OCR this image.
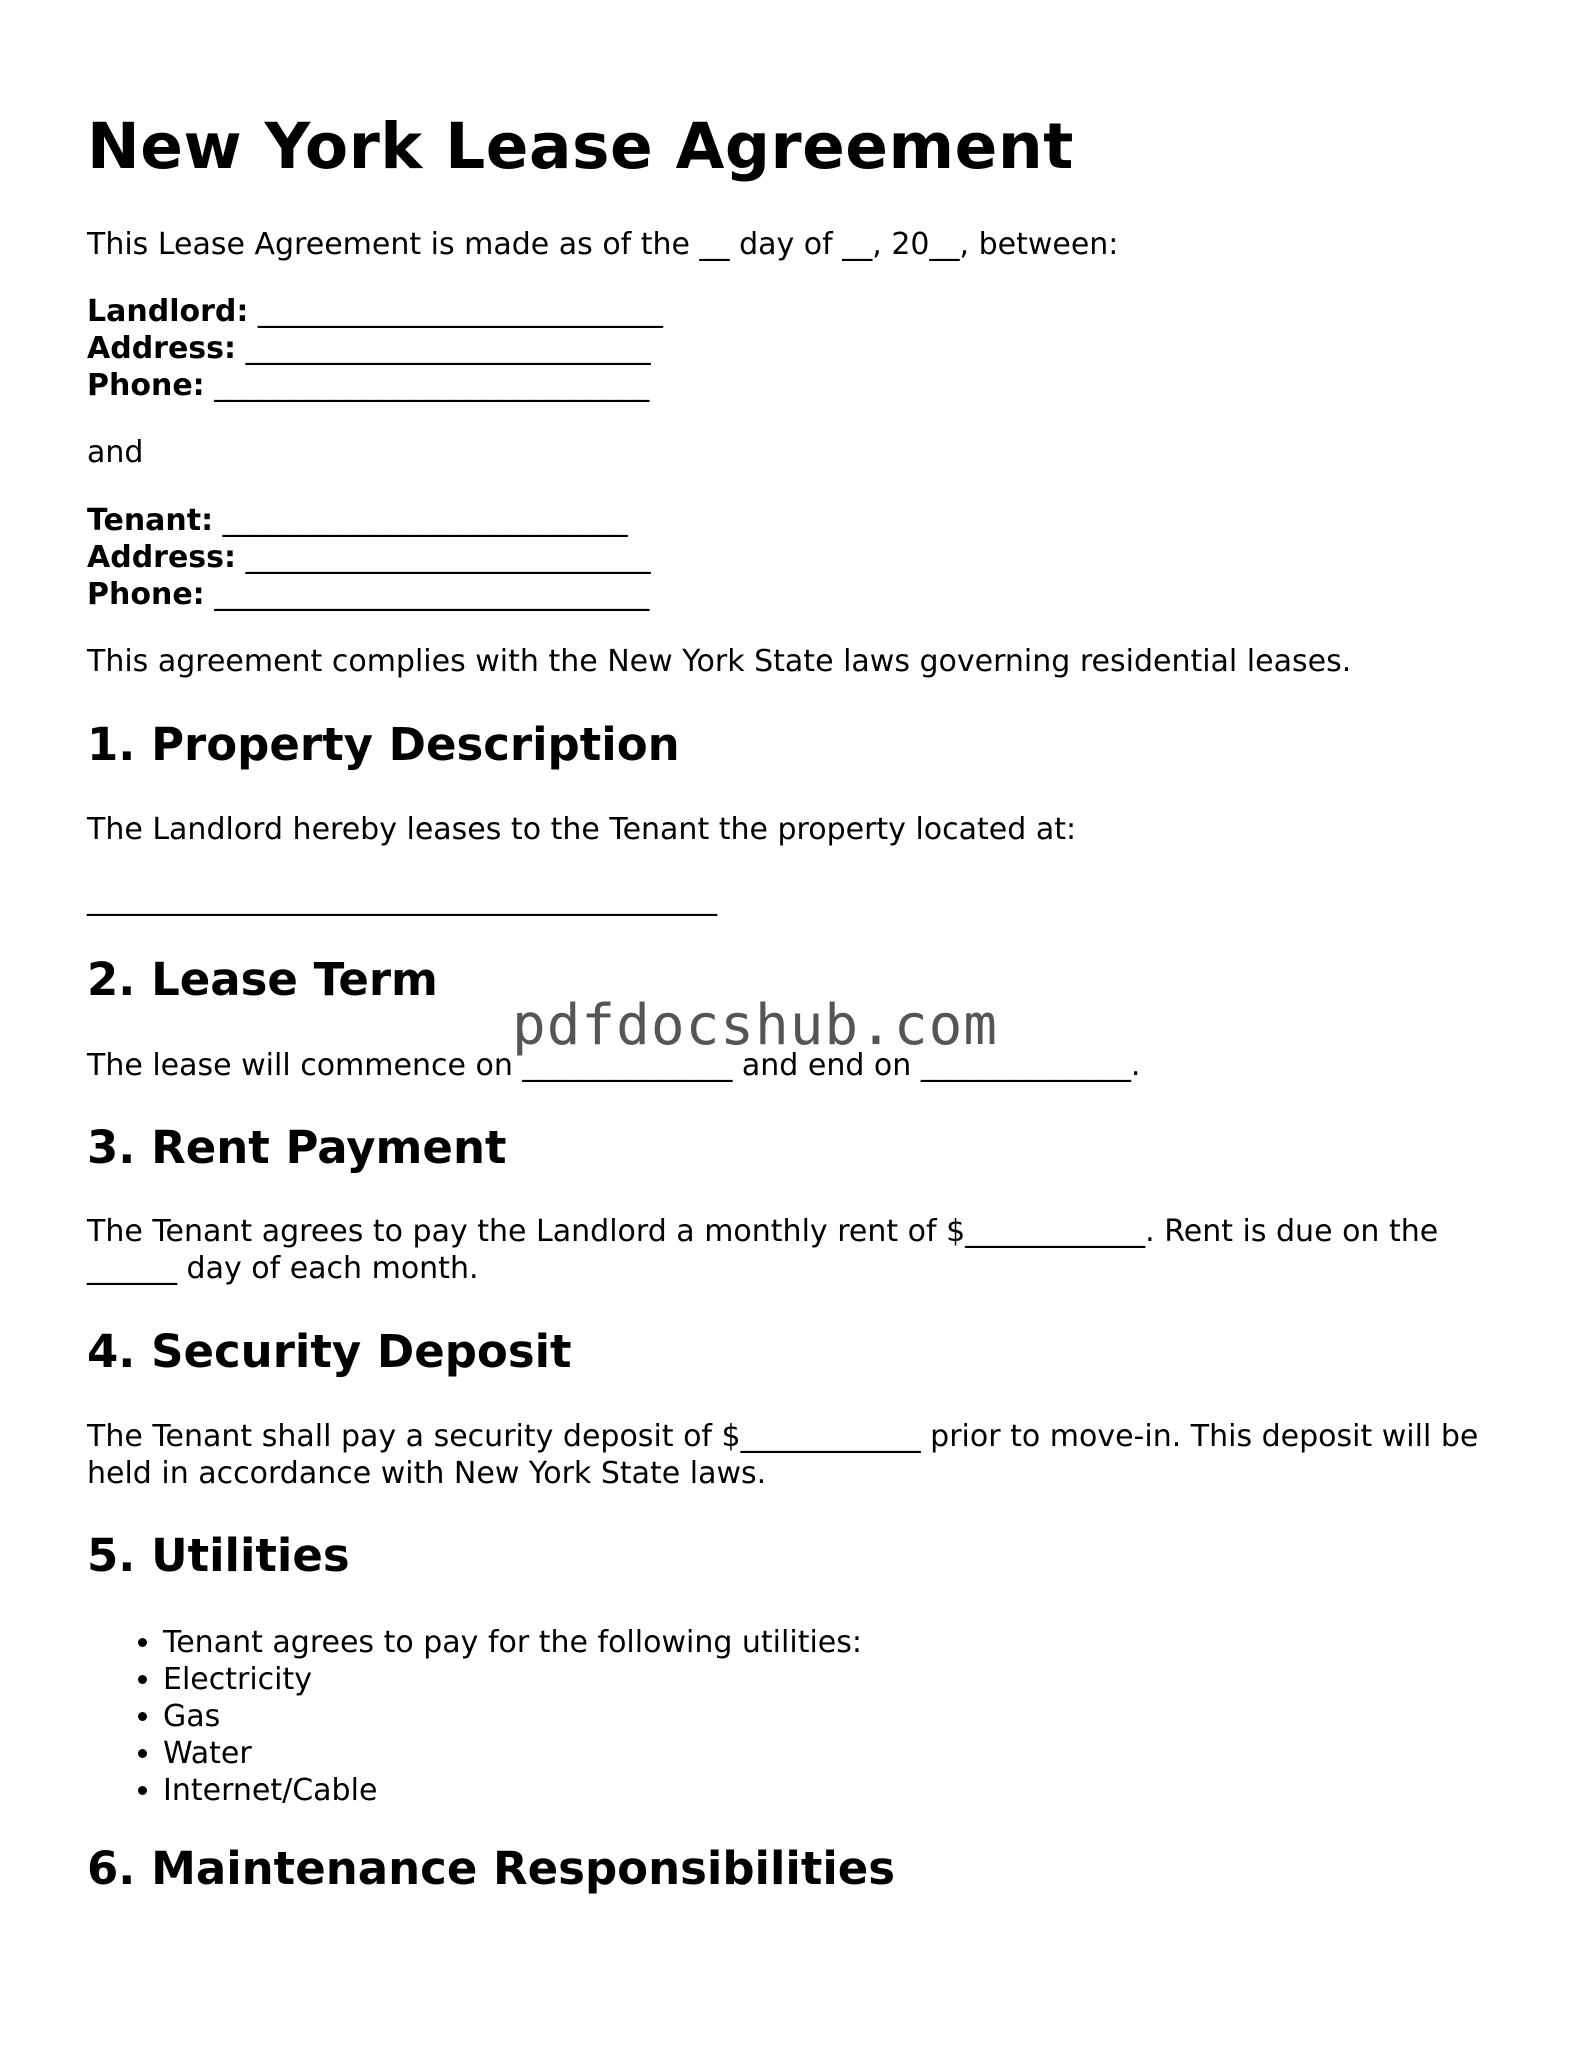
New York Lease Agreement

This Lease Agreement is made as of the __ day of __, 20__, between:

Landlord: ___________________________

Address: ___________________________

Phone: _____________________________

and

Tenant: ___________________________

Address: ___________________________

Phone: _____________________________

This agreement complies with the New York State laws governing residential leases.

1. Property Description

The Landlord hereby leases to the Tenant the property located at:

__________________________________________

2. Lease Term

The lease will commence on ______________ and end on ______________.

3. Rent Payment

The Tenant agrees to pay the Landlord a monthly rent of $____________. Rent is due on the ______ day of each month.

4. Security Deposit

The Tenant shall pay a security deposit of $____________ prior to move-in. This deposit will be held in accordance with New York State laws.

5. Utilities
• Tenant agrees to pay for the following utilities:
• Electricity
• Gas
• Water
• Internet/Cable
6. Maintenance Responsibilities
pdfdocshub.com
